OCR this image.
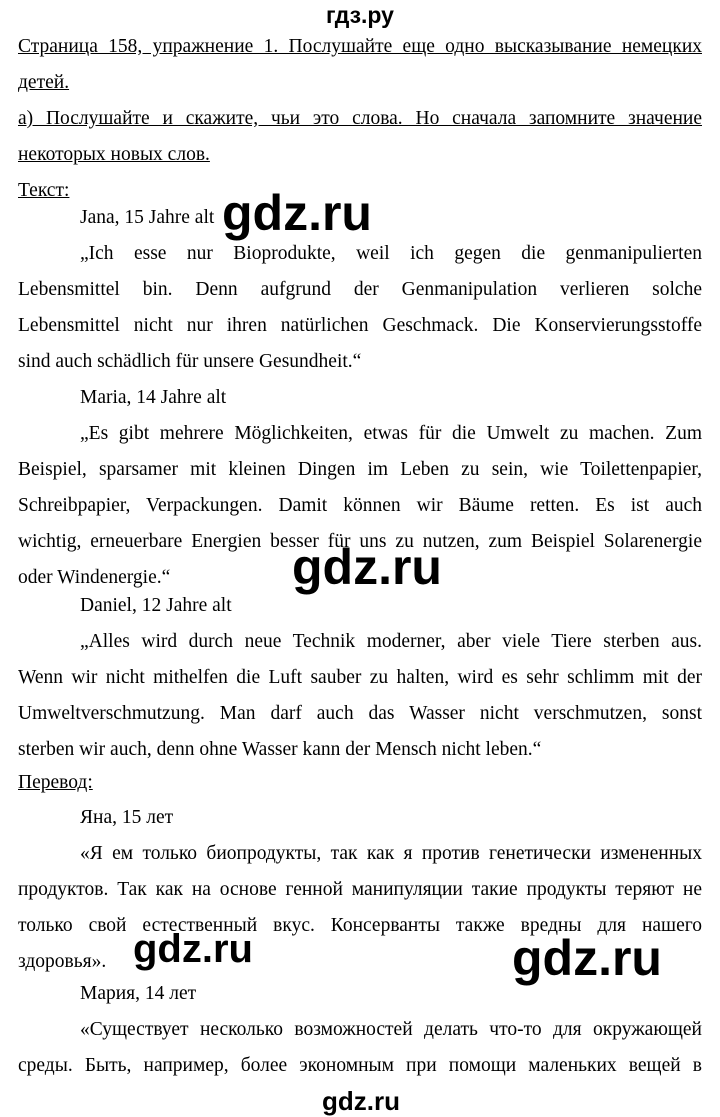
гдз.ру
Страница 158, упражнение 1. Послушайте еще одно высказывание немецких
детей.
a) Послушайте и скажите, чьи это слова. Но сначала запомните значение
некоторых новых слов.
Текст:
Jana, 15 Jahre alt
„Ich esse nur Bioprodukte, weil ich gegen die genmanipulierten
Lebensmittel bin. Denn aufgrund der Genmanipulation verlieren solche
Lebensmittel nicht nur ihren natürlichen Geschmack. Die Konservierungsstoffe
sind auch schädlich für unsere Gesundheit.“
Maria, 14 Jahre alt
„Es gibt mehrere Möglichkeiten, etwas für die Umwelt zu machen. Zum
Beispiel, sparsamer mit kleinen Dingen im Leben zu sein, wie Toilettenpapier,
Schreibpapier, Verpackungen. Damit können wir Bäume retten. Es ist auch
wichtig, erneuerbare Energien besser für uns zu nutzen, zum Beispiel Solarenergie
oder Windenergie.“
Daniel, 12 Jahre alt
„Alles wird durch neue Technik moderner, aber viele Tiere sterben aus.
Wenn wir nicht mithelfen die Luft sauber zu halten, wird es sehr schlimm mit der
Umweltverschmutzung. Man darf auch das Wasser nicht verschmutzen, sonst
sterben wir auch, denn ohne Wasser kann der Mensch nicht leben.“
Перевод:
Яна, 15 лет
«Я ем только биопродукты, так как я против генетически измененных
продуктов. Так как на основе генной манипуляции такие продукты теряют не
только свой естественный вкус. Консерванты также вредны для нашего
здоровья».
Мария, 14 лет
«Существует несколько возможностей делать что-то для окружающей
среды. Быть, например, более экономным при помощи маленьких вещей в
gdz.ru
gdz.ru
gdz.ru	gdz.ru
gdz.ru
